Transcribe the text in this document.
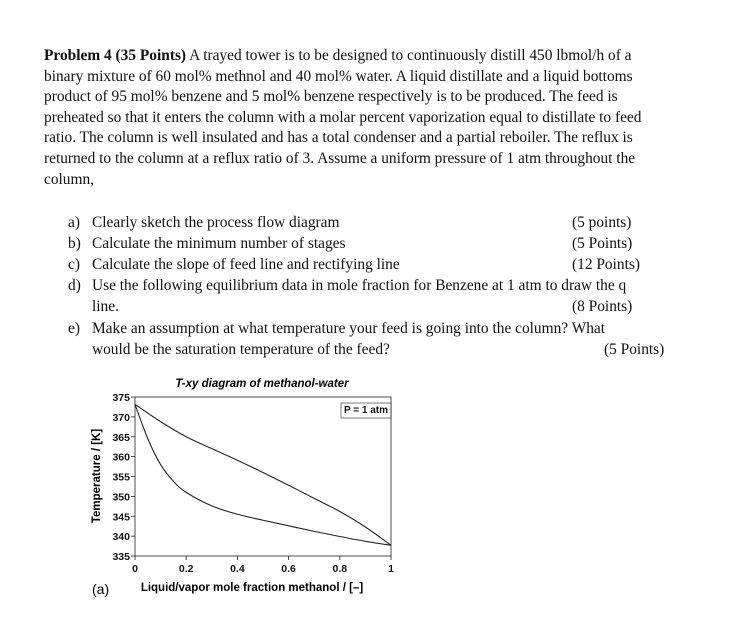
Problem 4 (35 Points) A trayed tower is to be designed to continuously distill 450 lbmol/h of a
binary mixture of 60 mol% methnol and 40 mol% water. A liquid distillate and a liquid bottoms
product of 95 mol% benzene and 5 mol% benzene respectively is to be produced. The feed is
preheated so that it enters the column with a molar percent vaporization equal to distillate to feed
ratio. The column is well insulated and has a total condenser and a partial reboiler. The reflux is
returned to the column at a reflux ratio of 3. Assume a uniform pressure of 1 atm throughout the
column,

a) Clearly sketch the process flow diagram	(5 points)
b) Calculate the minimum number of stages	(5 Points)
c) Calculate the slope of feed line and rectifying line	(12 Points)
d) Use the following equilibrium data in mole fraction for Benzene at 1 atm to draw the q
line.	(8 Points)
e) Make an assumption at what temperature your feed is going into the column? What
would be the saturation temperature of the feed?	(5 Points)
T-xy diagram of methanol-water
Temperature / [K]
Liquid/vapor mole fraction methanol / [–]
(a)
375
370
365
360
355
350
345
340
335
0	0.2	0.4	0.6	0.8	1
P = 1 atm
